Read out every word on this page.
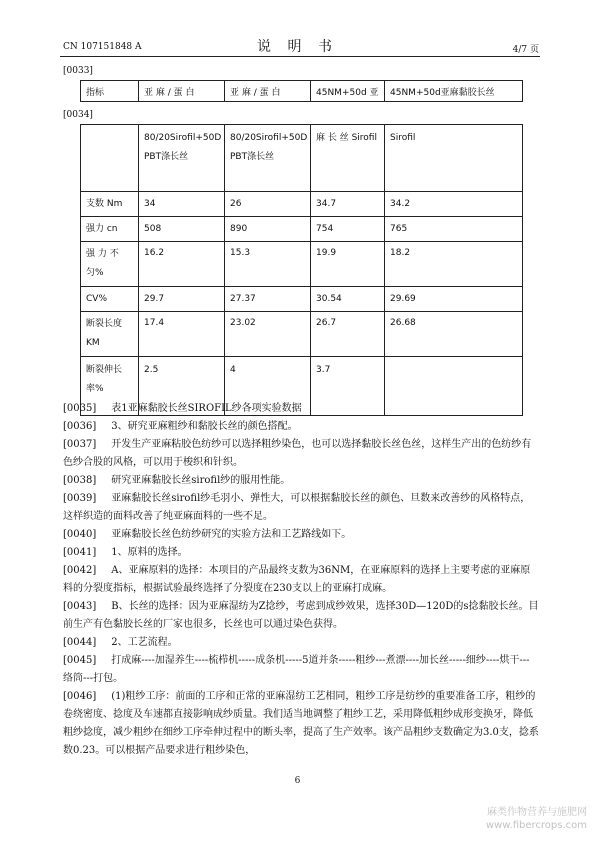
CN 107151848 A	说 明 书	4/7 页
[0033]
指标	亚 麻 / 蛋 白	亚 麻 / 蛋 白	45NM+50d 亚	45NM+50d亚麻黏胶长丝
[0034]
	80/20Sirofil+50D PBT涤长丝	80/20Sirofil+50D PBT涤长丝	麻 长 丝 Sirofil	Sirofil
支数 Nm	34	26	34.7	34.2
强力 cn	508	890	754	765
强 力 不 匀%	16.2	15.3	19.9	18.2
CV%	29.7	27.37	30.54	29.69
断裂长度 KM	17.4	23.02	26.7	26.68
断裂伸长率%	2.5	4	3.7	
[0035] 表1亚麻黏胶长丝SIROFIL纱各项实验数据
[0036] 3、研究亚麻粗纱和黏胶长丝的颜色搭配。
[0037] 开发生产亚麻粘胶色纺纱可以选择粗纱染色，也可以选择黏胶长丝色丝，这样生产出的色纺纱有色纱合股的风格，可以用于梭织和针织。
[0038] 研究亚麻黏胶长丝sirofil纱的服用性能。
[0039] 亚麻黏胶长丝sirofil纱毛羽小、弹性大，可以根据黏胶长丝的颜色、旦数来改善纱的风格特点，这样织造的面料改善了纯亚麻面料的一些不足。
[0040] 亚麻黏胶长丝色纺纱研究的实验方法和工艺路线如下。
[0041] 1、原料的选择。
[0042] A、亚麻原料的选择：本项目的产品最终支数为36NM，在亚麻原料的选择上主要考虑的亚麻原料的分裂度指标，根据试验最终选择了分裂度在230支以上的亚麻打成麻。
[0043] B、长丝的选择：因为亚麻湿纺为Z捻纱，考虑到成纱效果，选择30D—120D的s捻黏胶长丝。目前生产有色黏胶长丝的厂家也很多，长丝也可以通过染色获得。
[0044] 2、工艺流程。
[0045] 打成麻----加湿养生----梳栉机-----成条机-----5道并条-----粗纱---煮漂----加长丝-----细纱----烘干---络筒---打包。
[0046] (1)粗纱工序：前面的工序和正常的亚麻湿纺工艺相同，粗纱工序是纺纱的重要准备工序，粗纱的卷绕密度、捻度及车速都直接影响成纱质量。我们适当地调整了粗纱工艺，采用降低粗纱成形变换牙，降低粗纱捻度，减少粗纱在细纱工序牵伸过程中的断头率，提高了生产效率。该产品粗纱支数确定为3.0支，捻系数0.23。可以根据产品要求进行粗纱染色，
6
麻类作物营养与施肥网
www.fibercrops.com
